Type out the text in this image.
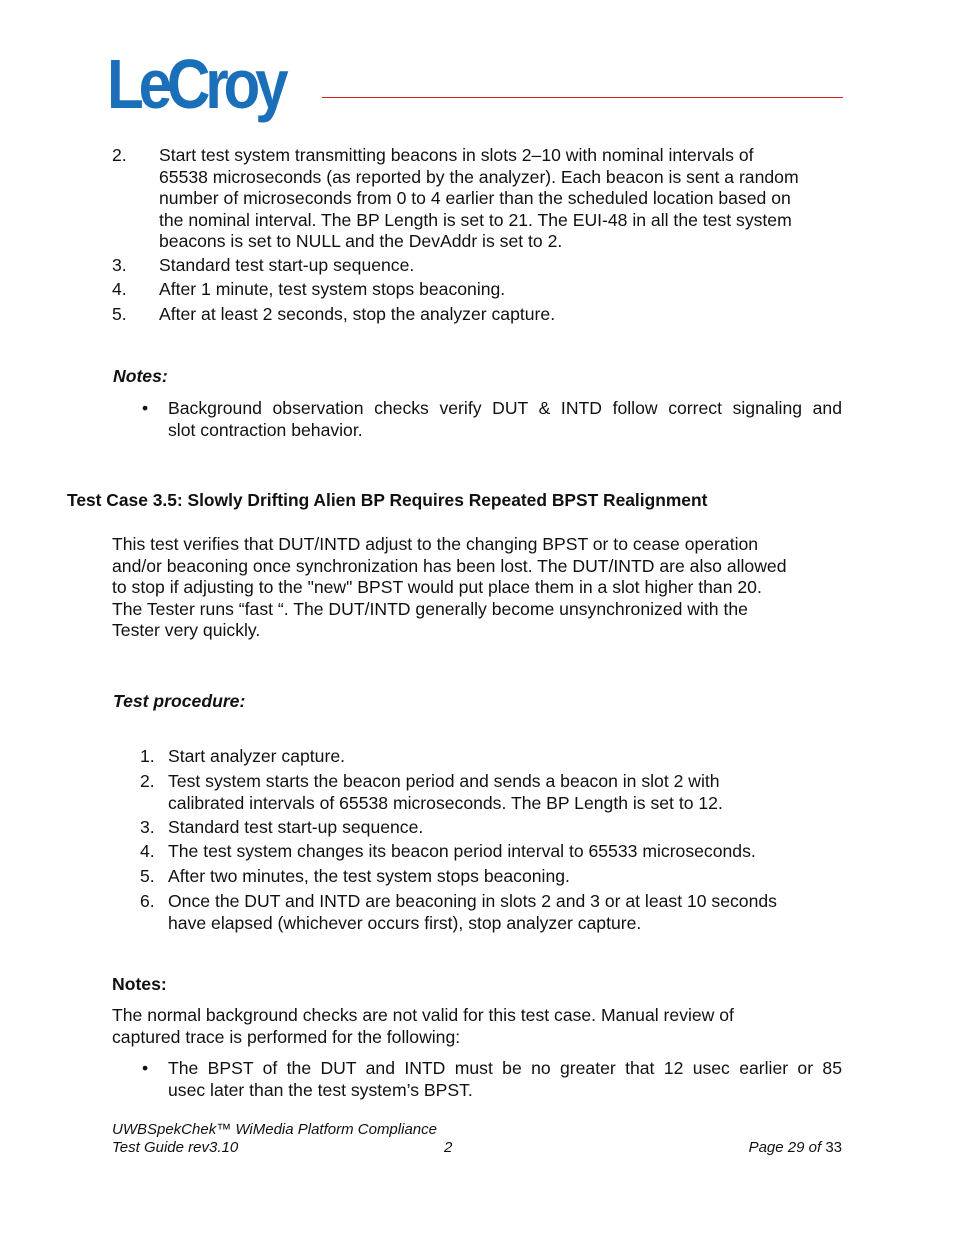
LeCroy
2. Start test system transmitting beacons in slots 2–10 with nominal intervals of
65538 microseconds (as reported by the analyzer). Each beacon is sent a random
number of microseconds from 0 to 4 earlier than the scheduled location based on
the nominal interval. The BP Length is set to 21. The EUI-48 in all the test system
beacons is set to NULL and the DevAddr is set to 2.
3. Standard test start-up sequence.
4. After 1 minute, test system stops beaconing.
5. After at least 2 seconds, stop the analyzer capture.
Notes:
• Background observation checks verify DUT & INTD follow correct signaling and
slot contraction behavior.
Test Case 3.5: Slowly Drifting Alien BP Requires Repeated BPST Realignment
This test verifies that DUT/INTD adjust to the changing BPST or to cease operation
and/or beaconing once synchronization has been lost. The DUT/INTD are also allowed
to stop if adjusting to the "new" BPST would put place them in a slot higher than 20.
The Tester runs “fast “. The DUT/INTD generally become unsynchronized with the
Tester very quickly.
Test procedure:
1. Start analyzer capture.
2. Test system starts the beacon period and sends a beacon in slot 2 with
calibrated intervals of 65538 microseconds. The BP Length is set to 12.
3. Standard test start-up sequence.
4. The test system changes its beacon period interval to 65533 microseconds.
5. After two minutes, the test system stops beaconing.
6. Once the DUT and INTD are beaconing in slots 2 and 3 or at least 10 seconds
have elapsed (whichever occurs first), stop analyzer capture.
Notes:
The normal background checks are not valid for this test case. Manual review of
captured trace is performed for the following:
• The BPST of the DUT and INTD must be no greater that 12 usec earlier or 85
usec later than the test system’s BPST.
UWBSpekChek™ WiMedia Platform Compliance
Test Guide rev3.10	2	Page 29 of 33
